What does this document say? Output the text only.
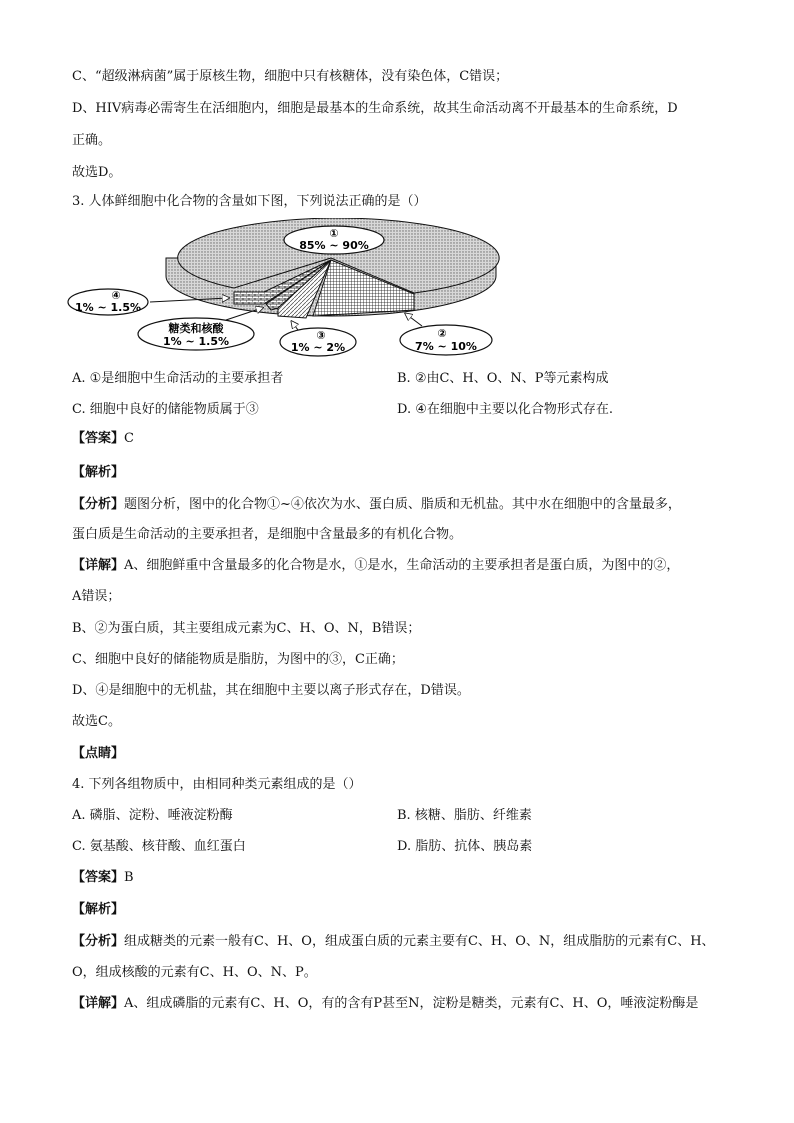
C、“超级淋病菌”属于原核生物，细胞中只有核糖体，没有染色体，C错误；
D、HIV病毒必需寄生在活细胞内，细胞是最基本的生命系统，故其生命活动离不开最基本的生命系统，D
正确。
故选D。
3. 人体鲜细胞中化合物的含量如下图，下列说法正确的是（）
①
85% ~ 90%
④
1% ~ 1.5%
糖类和核酸
1% ~ 1.5%	③
1% ~ 2%
②
7% ~ 10%
A. ①是细胞中生命活动的主要承担者	B. ②由C、H、O、N、P等元素构成
C. 细胞中良好的储能物质属于③	D. ④在细胞中主要以化合物形式存在.
【答案】C
【解析】
【分析】题图分析，图中的化合物①~④依次为水、蛋白质、脂质和无机盐。其中水在细胞中的含量最多，
蛋白质是生命活动的主要承担者，是细胞中含量最多的有机化合物。
【详解】A、细胞鲜重中含量最多的化合物是水，①是水，生命活动的主要承担者是蛋白质，为图中的②，
A错误；
B、②为蛋白质，其主要组成元素为C、H、O、N，B错误；
C、细胞中良好的储能物质是脂肪，为图中的③，C正确；
D、④是细胞中的无机盐，其在细胞中主要以离子形式存在，D错误。
故选C。
【点睛】
4. 下列各组物质中，由相同种类元素组成的是（）
A. 磷脂、淀粉、唾液淀粉酶	B. 核糖、脂肪、纤维素
C. 氨基酸、核苷酸、血红蛋白	D. 脂肪、抗体、胰岛素
【答案】B
【解析】
【分析】组成糖类的元素一般有C、H、O，组成蛋白质的元素主要有C、H、O、N，组成脂肪的元素有C、H、
O，组成核酸的元素有C、H、O、N、P。
【详解】A、组成磷脂的元素有C、H、O，有的含有P甚至N，淀粉是糖类，元素有C、H、O，唾液淀粉酶是
